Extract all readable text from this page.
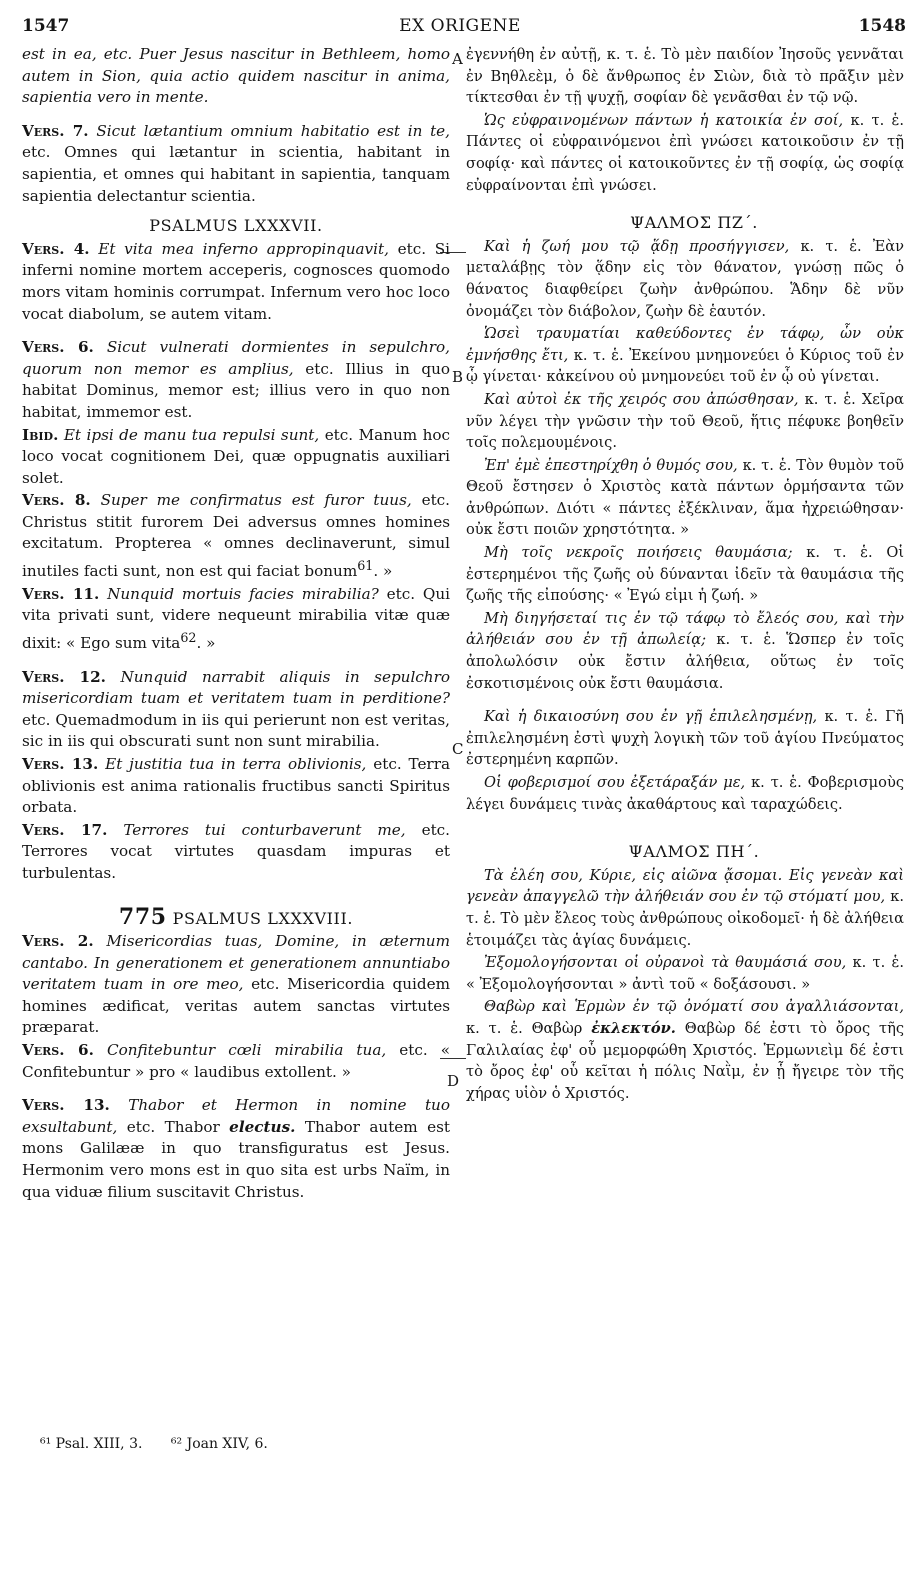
1547	EX ORIGENE	1548
A
B
C
D

est in ea, etc. Puer Jesus nascitur in Bethleem, homo autem in Sion, quia actio quidem nascitur in anima, sapientia vero in mente.

Vers. 7. Sicut lætantium omnium habitatio est in te, etc. Omnes qui lætantur in scientia, habitant in sapientia, et omnes qui habitant in sapientia, tanquam sapientia delectantur scientia.

PSALMUS LXXXVII.

Vers. 4. Et vita mea inferno appropinquavit, etc. Si inferni nomine mortem acceperis, cognosces quomodo mors vitam hominis corrumpat. Infernum vero hoc loco vocat diabolum, se autem vitam.

Vers. 6. Sicut vulnerati dormientes in sepulchro, quorum non memor es amplius, etc. Illius in quo habitat Dominus, memor est; illius vero in quo non habitat, immemor est.

Ibid. Et ipsi de manu tua repulsi sunt, etc. Manum hoc loco vocat cognitionem Dei, quæ oppugnatis auxiliari solet.

Vers. 8. Super me confirmatus est furor tuus, etc. Christus stitit furorem Dei adversus omnes homines excitatum. Propterea « omnes declinaverunt, simul inutiles facti sunt, non est qui faciat bonum$^{61}$. »

Vers. 11. Nunquid mortuis facies mirabilia? etc. Qui vita privati sunt, videre nequeunt mirabilia vitæ quæ dixit: « Ego sum vita$^{62}$. »

Vers. 12. Nunquid narrabit aliquis in sepulchro misericordiam tuam et veritatem tuam in perditione? etc. Quemadmodum in iis qui perierunt non est veritas, sic in iis qui obscurati sunt non sunt mirabilia.

Vers. 13. Et justitia tua in terra oblivionis, etc. Terra oblivionis est anima rationalis fructibus sancti Spiritus orbata.

Vers. 17. Terrores tui conturbaverunt me, etc. Terrores vocat virtutes quasdam impuras et turbulentas.

775 PSALMUS LXXXVIII.

Vers. 2. Misericordias tuas, Domine, in æternum cantabo. In generationem et generationem annuntiabo veritatem tuam in ore meo, etc. Misericordia quidem homines ædificat, veritas autem sanctas virtutes præparat.

Vers. 6. Confitebuntur cœli mirabilia tua, etc. « Confitebuntur » pro « laudibus extollent. »

Vers. 13. Thabor et Hermon in nomine tuo exsultabunt, etc. Thabor electus. Thabor autem est mons Galilææ in quo transfiguratus est Jesus. Hermonim vero mons est in quo sita est urbs Naïm, in qua viduæ filium suscitavit Christus.

ἐγεννήθη ἐν αὐτῇ, κ. τ. ἑ. Τὸ μὲν παιδίον Ἰησοῦς γεννᾶται ἐν Βηθλεὲμ, ὁ δὲ ἄνθρωπος ἐν Σιὼν, διὰ τὸ πρᾶξιν μὲν τίκτεσθαι ἐν τῇ ψυχῇ, σοφίαν δὲ γενᾶσθαι ἐν τῷ νῷ.

Ὡς εὐφραινομένων πάντων ἡ κατοικία ἐν σοί, κ. τ. ἑ. Πάντες οἱ εὐφραινόμενοι ἐπὶ γνώσει κατοικοῦσιν ἐν τῇ σοφίᾳ· καὶ πάντες οἱ κατοικοῦντες ἐν τῇ σοφίᾳ, ὡς σοφίᾳ εὐφραίνονται ἐπὶ γνώσει.

ΨΑΛΜΟΣ ΠΖ΄.

Καὶ ἡ ζωή μου τῷ ᾅδῃ προσήγγισεν, κ. τ. ἑ. Ἐὰν μεταλάβῃς τὸν ᾅδην εἰς τὸν θάνατον, γνώσῃ πῶς ὁ θάνατος διαφθείρει ζωὴν ἀνθρώπου. Ἅδην δὲ νῦν ὀνομάζει τὸν διάβολον, ζωὴν δὲ ἑαυτόν.

Ὡσεὶ τραυματίαι καθεύδοντες ἐν τάφῳ, ὧν οὐκ ἐμνήσθης ἔτι, κ. τ. ἑ. Ἐκείνου μνημονεύει ὁ Κύριος τοῦ ἐν ᾧ γίνεται· κἀκείνου οὐ μνημονεύει τοῦ ἐν ᾧ οὐ γίνεται.

Καὶ αὐτοὶ ἐκ τῆς χειρός σου ἀπώσθησαν, κ. τ. ἑ. Χεῖρα νῦν λέγει τὴν γνῶσιν τὴν τοῦ Θεοῦ, ἥτις πέφυκε βοηθεῖν τοῖς πολεμουμένοις.

Ἐπ' ἐμὲ ἐπεστηρίχθη ὁ θυμός σου, κ. τ. ἑ. Τὸν θυμὸν τοῦ Θεοῦ ἔστησεν ὁ Χριστὸς κατὰ πάντων ὁρμήσαντα τῶν ἀνθρώπων. Διότι « πάντες ἐξέκλιναν, ἅμα ἠχρειώθησαν· οὐκ ἔστι ποιῶν χρηστότητα. »

Μὴ τοῖς νεκροῖς ποιήσεις θαυμάσια; κ. τ. ἑ. Οἱ ἐστερημένοι τῆς ζωῆς οὐ δύνανται ἰδεῖν τὰ θαυμάσια τῆς ζωῆς τῆς εἰπούσης· « Ἐγώ εἰμι ἡ ζωή. »

Μὴ διηγήσεταί τις ἐν τῷ τάφῳ τὸ ἔλεός σου, καὶ τὴν ἀλήθειάν σου ἐν τῇ ἀπωλείᾳ; κ. τ. ἑ. Ὥσπερ ἐν τοῖς ἀπολωλόσιν οὐκ ἔστιν ἀλήθεια, οὕτως ἐν τοῖς ἐσκοτισμένοις οὐκ ἔστι θαυμάσια.

Καὶ ἡ δικαιοσύνη σου ἐν γῇ ἐπιλελησμένῃ, κ. τ. ἑ. Γῆ ἐπιλελησμένη ἐστὶ ψυχὴ λογικὴ τῶν τοῦ ἁγίου Πνεύματος ἐστερημένη καρπῶν.

Οἱ φοβερισμοί σου ἐξετάραξάν με, κ. τ. ἑ. Φοβερισμοὺς λέγει δυνάμεις τινὰς ἀκαθάρτους καὶ ταραχώδεις.

ΨΑΛΜΟΣ ΠΗ΄.

Τὰ ἐλέη σου, Κύριε, εἰς αἰῶνα ᾄσομαι. Εἰς γενεὰν καὶ γενεὰν ἀπαγγελῶ τὴν ἀλήθειάν σου ἐν τῷ στόματί μου, κ. τ. ἑ. Τὸ μὲν ἔλεος τοὺς ἀνθρώπους οἰκοδομεῖ· ἡ δὲ ἀλήθεια ἑτοιμάζει τὰς ἁγίας δυνάμεις.

Ἐξομολογήσονται οἱ οὐρανοὶ τὰ θαυμάσιά σου, κ. τ. ἑ. « Ἐξομολογήσονται » ἀντὶ τοῦ « δοξάσουσι. »

Θαβὼρ καὶ Ἑρμὼν ἐν τῷ ὀνόματί σου ἀγαλλιάσονται, κ. τ. ἑ. Θαβὼρ ἐκλεκτόν. Θαβὼρ δέ ἐστι τὸ ὄρος τῆς Γαλιλαίας ἐφ' οὗ μεμορφώθη Χριστός. Ἑρμωνιεὶμ δέ ἐστι τὸ ὄρος ἐφ' οὗ κεῖται ἡ πόλις Ναῒμ, ἐν ᾗ ἤγειρε τὸν τῆς χήρας υἱὸν ὁ Χριστός.

⁶¹ Psal. XIII, 3. ⁶² Joan XIV, 6.
